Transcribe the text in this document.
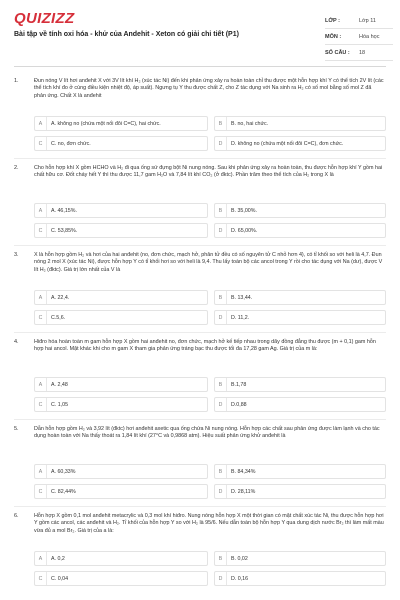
QUIZIZZ
Bài tập về tính oxi hóa - khử của Andehit - Xeton có giải chi tiết (P1)
LỚP :	Lớp 11
MÔN :	Hóa học
SỐ CÂU :	18
1.	Đun nóng V lít hơi anđehit X với 3V lít khí H₂ (xúc tác Ni) đến khi phản ứng xảy ra hoàn toàn chỉ thu được một hỗn hợp khí Y có thể tích 2V lít (các thể tích khí đo ở cùng điều kiện nhiệt độ, áp suất). Ngưng tụ Y thu được chất Z, cho Z tác dụng với Na sinh ra H₂ có số mol bằng số mol Z đã phản ứng. Chất X là anđehit
A	A. không no (chứa một nối đôi C=C), hai chức.	B	B. no, hai chức.
C	C. no, đơn chức.	D	D. không no (chứa một nối đôi C=C), đơn chức.
2.	Cho hỗn hợp khí X gồm HCHO và H₂ đi qua ống sứ đựng bột Ni nung nóng. Sau khi phản ứng xảy ra hoàn toàn, thu được hỗn hợp khí Y gồm hai chất hữu cơ. Đốt cháy hết Y thì thu được 11,7 gam H₂O và 7,84 lít khí CO₂ (ở đktc). Phần trăm theo thể tích của H₂ trong X là
A	A. 46,15%.	B	B. 35,00%.
C	C. 53,85%.	D	D. 65,00%.
3.	X là hỗn hợp gồm H₂ và hơi của hai anđehit (no, đơn chức, mạch hở, phân tử đều có số nguyên tử C nhỏ hơn 4), có tỉ khối so với heli là 4,7. Đun nóng 2 mol X (xúc tác Ni), được hỗn hợp Y có tỉ khối hơi so với heli là 9,4. Thu lấy toàn bộ các ancol trong Y rồi cho tác dụng với Na (dư), được V lít H₂ (đktc). Giá trị lớn nhất của V là
A	A. 22,4.	B	B. 13,44.
C	C.5,6.	D	D. 11,2.
4.	Hiđro hóa hoàn toàn m gam hỗn hợp X gồm hai anđehit no, đơn chức, mạch hở kế tiếp nhau trong dãy đồng đẳng thu được (m + 0,1) gam hỗn hợp hai ancol. Mặt khác khi cho m gam X tham gia phản ứng tráng bạc thu được tối đa 17,28 gam Ag. Giá trị của m là:
A	A. 2,48	B	B.1,78
C	C. 1,05	D	D.0,88
5.	Dẫn hỗn hợp gồm H₂ và 3,92 lít (đktc) hơi anđehit axetic qua ống chứa Ni nung nóng. Hỗn hợp các chất sau phản ứng được làm lạnh và cho tác dụng hoàn toàn với Na thấy thoát ra 1,84 lít khí (27°C và 0,9868 atm). Hiệu suất phản ứng khử anđehit là
A	A. 60,33%	B	B. 84,34%
C	C. 82,44%	D	D. 28,11%
6.	Hỗn hợp X gồm 0,1 mol anđehit metacrylic và 0,3 mol khí hiđro. Nung nóng hỗn hợp X một thời gian có mặt chất xúc tác Ni, thu được hỗn hợp hơi Y gồm các ancol, các anđehit và H₂. Tỉ khối của hỗn hợp Y so với H₂ là 95/6. Nếu dẫn toàn bộ hỗn hợp Y qua dung dịch nước Br₂ thì làm mất màu vừa đủ a mol Br₂. Giá trị của a là:
A	A. 0,2	B	B. 0,02
C	C. 0,04	D	D. 0,16
